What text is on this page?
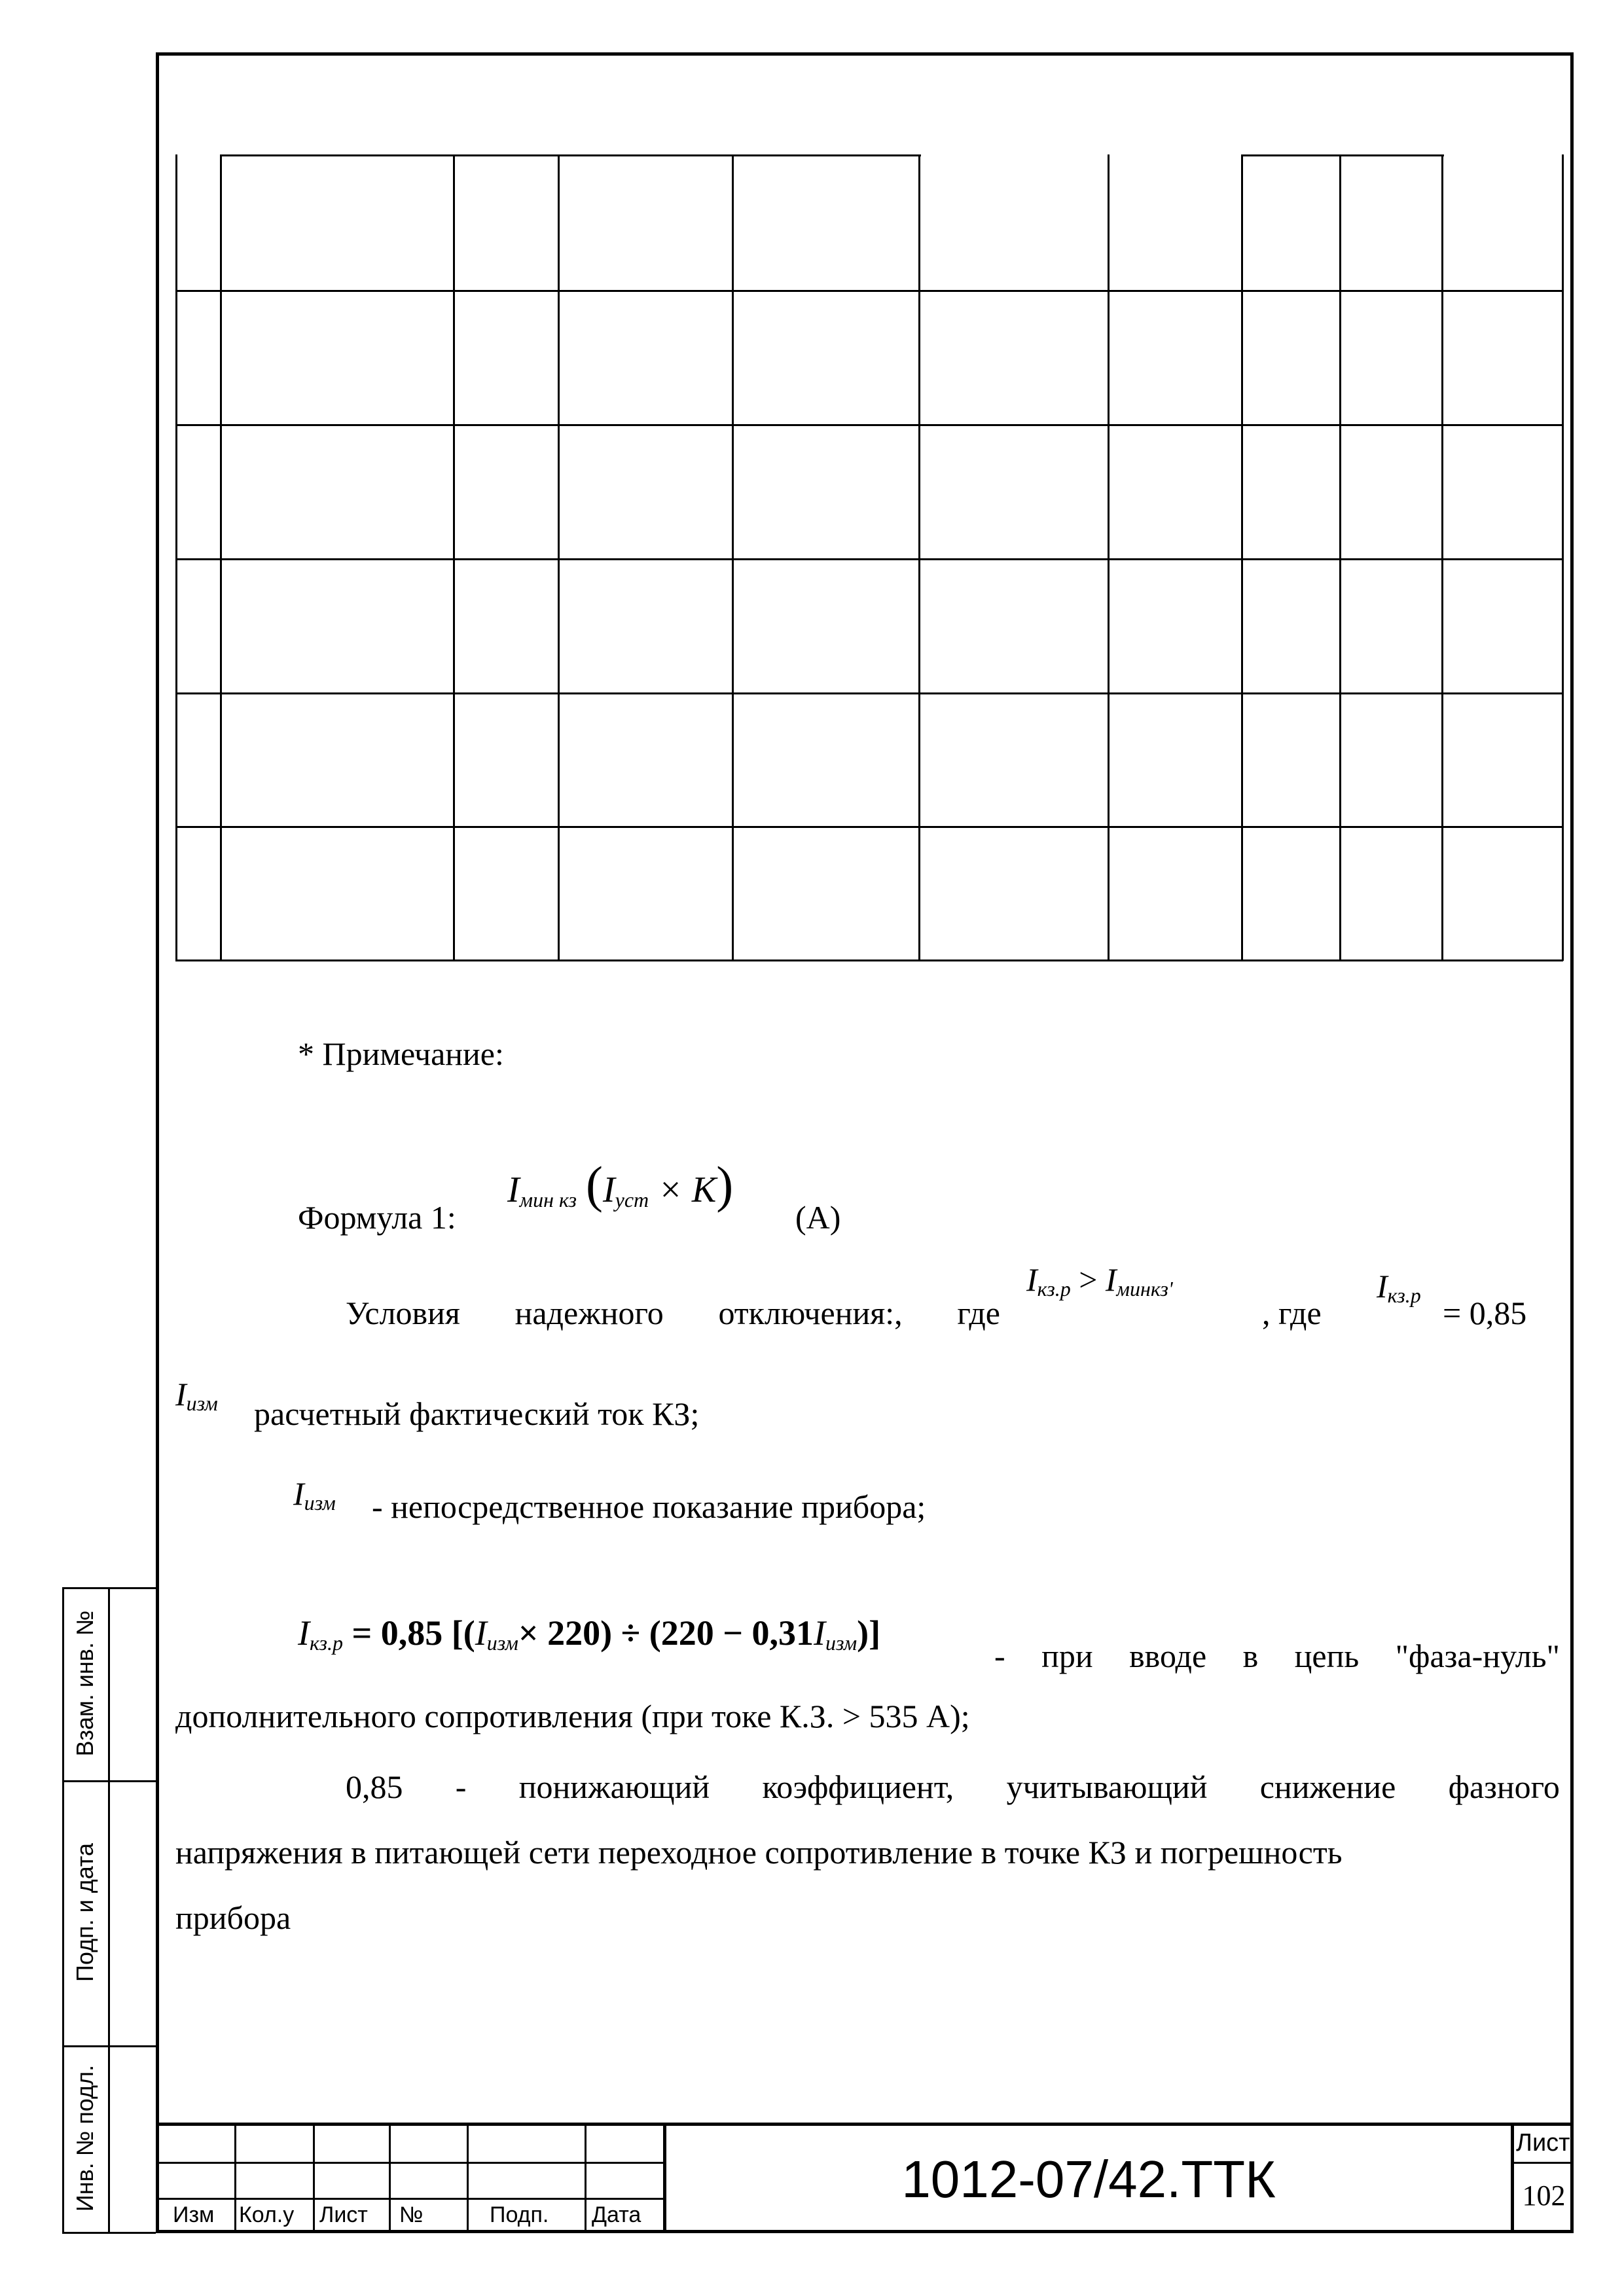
* Примечание:
Формула 1:
$I_{мин кз}$ $(I_{уст} \times K)$
(А)
Условия надежного отключения:, где
$I_{кз.р} > I_{минкз'}$
, где
$I_{кз.р} = 0,85$
$I_{изм}$ расчетный фактический ток КЗ;
$I_{изм}$ - непосредственное показание прибора;
$I_{кз.р} = 0,85$ $[(I_{изм}\times 220) \div (220 - 0,31I_{изм})]$
- при вводе в цепь "фаза-нуль"
дополнительного сопротивления (при токе К.З. > 535 А);
0,85 - понижающий коэффициент, учитывающий снижение фазного
напряжения в питающей сети переходное сопротивление в точке КЗ и погрешность
прибора
Взам. инв. №
Подп. и дата
Инв. № подл.
Изм Кол.у Лист №	Подп. Дата
1012-07/42.ТТК
Лист
102
